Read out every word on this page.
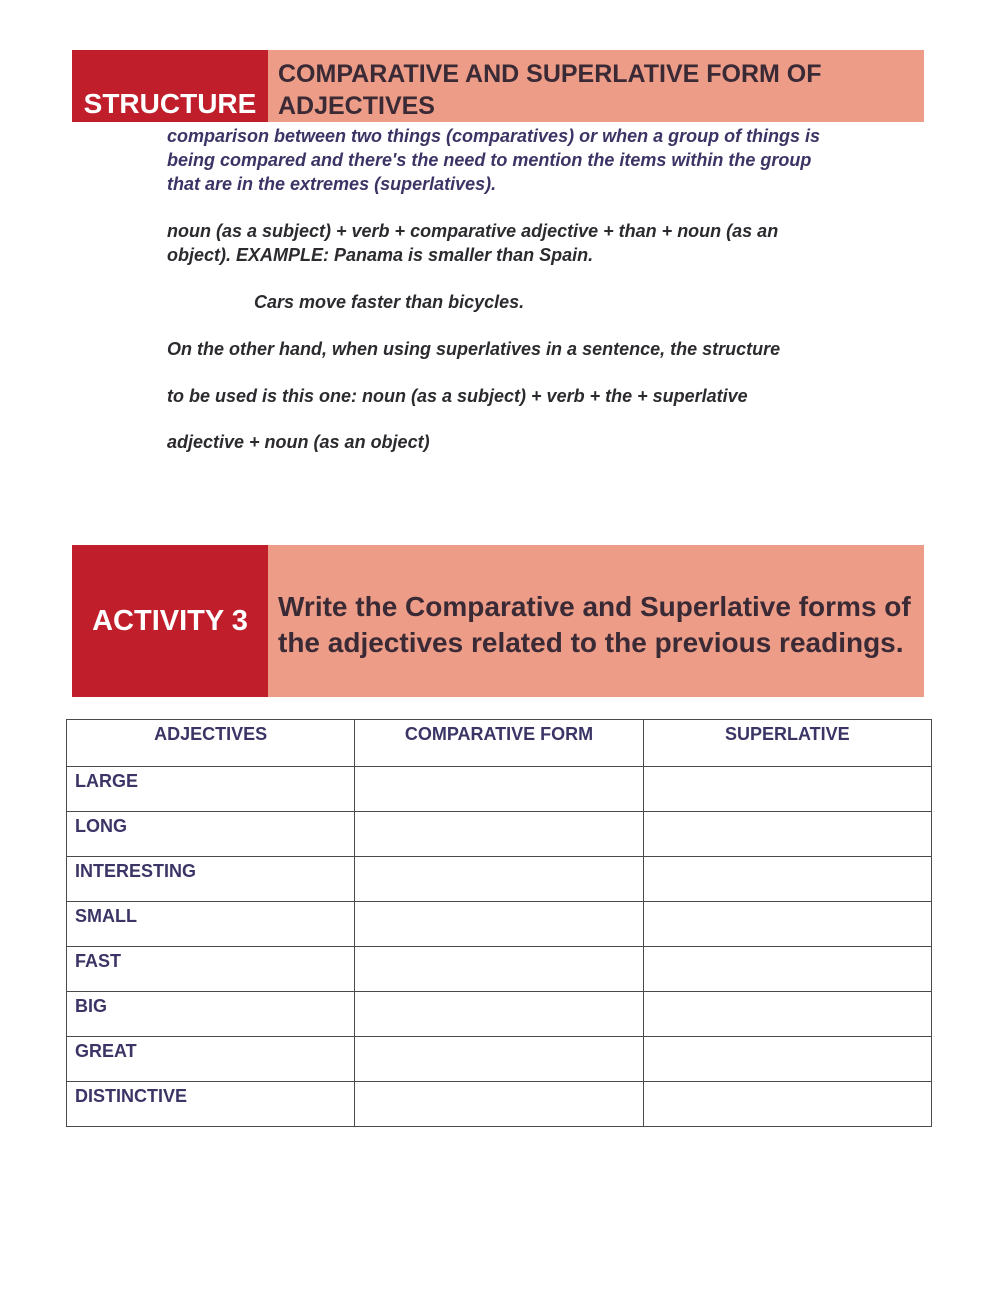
STRUCTURE
COMPARATIVE AND SUPERLATIVE FORM OF ADJECTIVES

comparison between two things (comparatives) or when a group of things is being compared and there's the need to mention the items within the group that are in the extremes (superlatives).

noun (as a subject) + verb + comparative adjective + than + noun (as an object). EXAMPLE: Panama is smaller than Spain.

Cars move faster than bicycles.

On the other hand, when using superlatives in a sentence, the structure

to be used is this one: noun (as a subject) + verb + the + superlative

adjective + noun (as an object)

ACTIVITY 3	Write the Comparative and Superlative forms of the adjectives related to the previous readings.
ADJECTIVES	COMPARATIVE FORM	SUPERLATIVE
LARGE		
LONG		
INTERESTING		
SMALL		
FAST		
BIG		
GREAT		
DISTINCTIVE		
